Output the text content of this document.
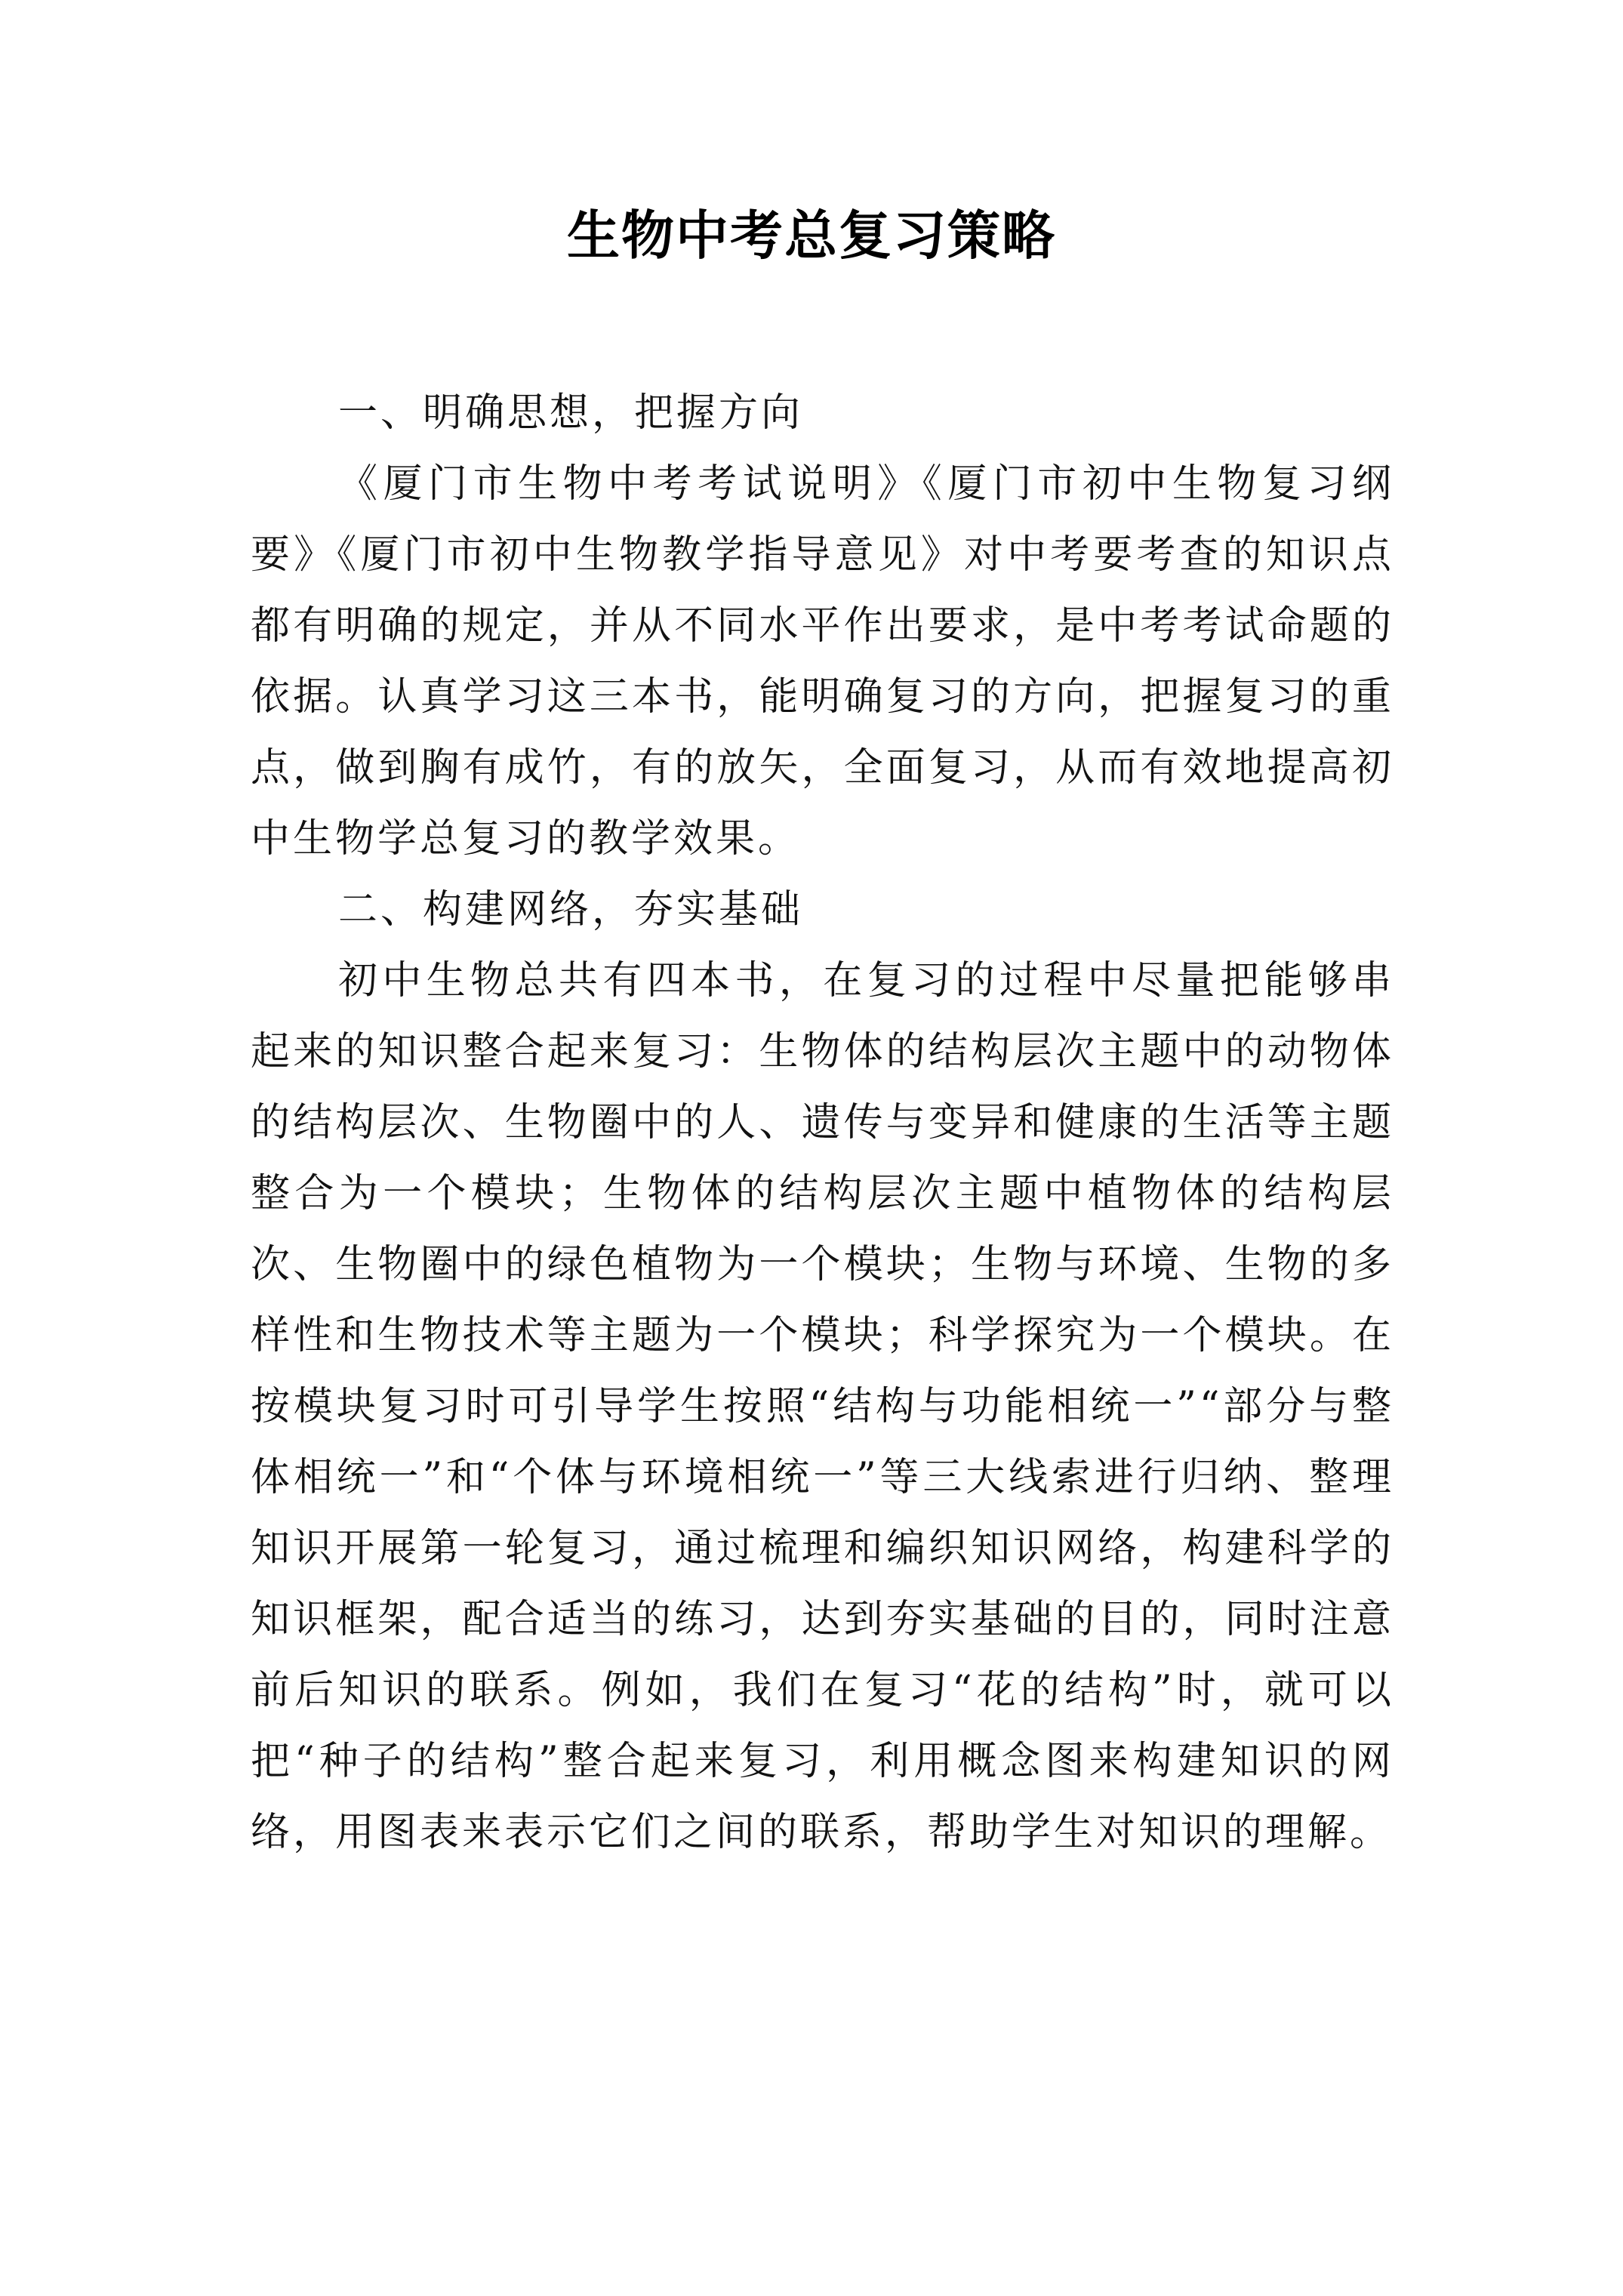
生物中考总复习策略

一、明确思想，把握方向

《厦门市生物中考考试说明》《厦门市初中生物复习纲要》《厦门市初中生物教学指导意见》对中考要考查的知识点都有明确的规定，并从不同水平作出要求，是中考考试命题的依据。认真学习这三本书，能明确复习的方向，把握复习的重点，做到胸有成竹，有的放矢，全面复习，从而有效地提高初中生物学总复习的教学效果。

二、构建网络，夯实基础

初中生物总共有四本书，在复习的过程中尽量把能够串起来的知识整合起来复习：生物体的结构层次主题中的动物体的结构层次、生物圈中的人、遗传与变异和健康的生活等主题整合为一个模块；生物体的结构层次主题中植物体的结构层次、生物圈中的绿色植物为一个模块；生物与环境、生物的多样性和生物技术等主题为一个模块；科学探究为一个模块。在按模块复习时可引导学生按照“结构与功能相统一”“部分与整体相统一”和“个体与环境相统一”等三大线索进行归纳、整理知识开展第一轮复习，通过梳理和编织知识网络，构建科学的知识框架，配合适当的练习，达到夯实基础的目的，同时注意前后知识的联系。例如，我们在复习“花的结构”时，就可以把“种子的结构”整合起来复习，利用概念图来构建知识的网络，用图表来表示它们之间的联系，帮助学生对知识的理解。
